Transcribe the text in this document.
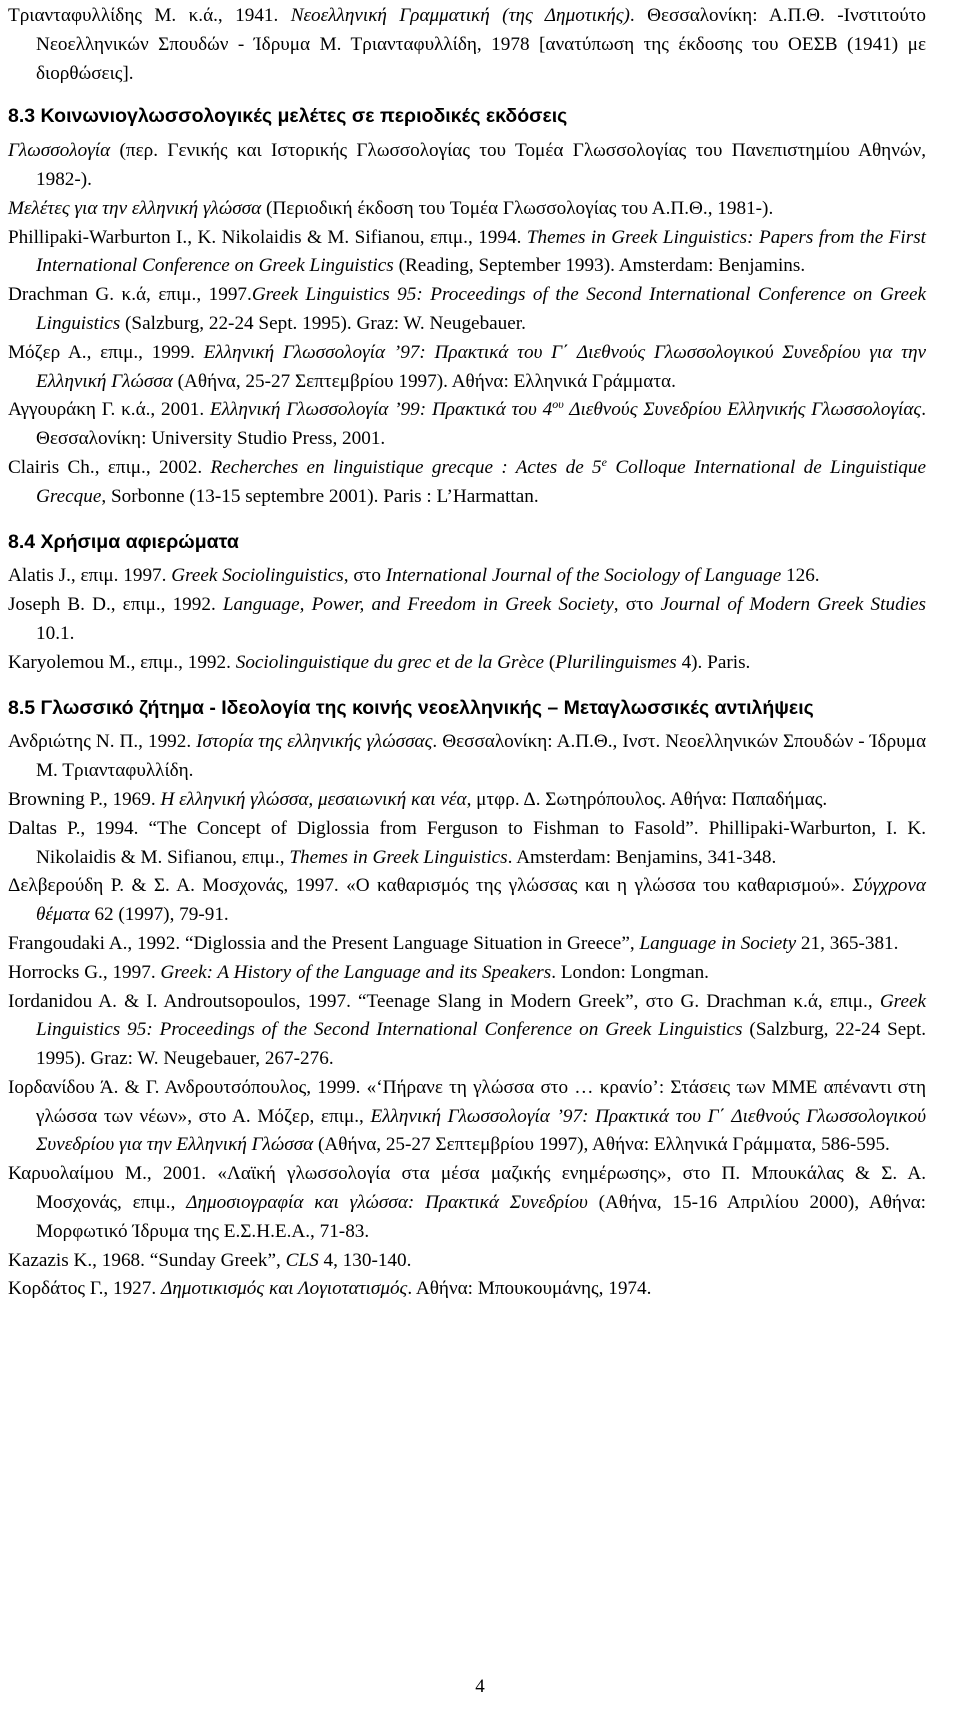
Τριανταφυλλίδης Μ. κ.ά., 1941. Νεοελληνική Γραμματική (της Δημοτικής). Θεσσαλονίκη: Α.Π.Θ. -Ινστιτούτο Νεοελληνικών Σπουδών - Ίδρυμα Μ. Τριανταφυλλίδη, 1978 [ανατύπωση της έκδοσης του ΟΕΣΒ (1941) με διορθώσεις].

8.3 Κοινωνιογλωσσολογικές μελέτες σε περιοδικές εκδόσεις

Γλωσσολογία (περ. Γενικής και Ιστορικής Γλωσσολογίας του Τομέα Γλωσσολογίας του Πανεπιστημίου Αθηνών, 1982-).

Μελέτες για την ελληνική γλώσσα (Περιοδική έκδοση του Τομέα Γλωσσολογίας του Α.Π.Θ., 1981-).

Phillipaki-Warburton I., K. Nikolaidis & M. Sifianou, επιμ., 1994. Themes in Greek Linguistics: Papers from the First International Conference on Greek Linguistics (Reading, September 1993). Amsterdam: Benjamins.

Drachman G. κ.ά, επιμ., 1997.Greek Linguistics 95: Proceedings of the Second International Conference on Greek Linguistics (Salzburg, 22-24 Sept. 1995). Graz: W. Neugebauer.

Μόζερ Α., επιμ., 1999. Ελληνική Γλωσσολογία ’97: Πρακτικά του Γ΄ Διεθνούς Γλωσσολογικού Συνεδρίου για την Ελληνική Γλώσσα (Αθήνα, 25-27 Σεπτεμβρίου 1997). Αθήνα: Ελληνικά Γράμματα.

Αγγουράκη Γ. κ.ά., 2001. Ελληνική Γλωσσολογία ’99: Πρακτικά του $4^{o\upsilon}$ Διεθνούς Συνεδρίου Ελληνικής Γλωσσολογίας. Θεσσαλονίκη: University Studio Press, 2001.

Clairis Ch., επιμ., 2002. Recherches en linguistique grecque : Actes de 5e Colloque International de Linguistique Grecque, Sorbonne (13-15 septembre 2001). Paris : L’Harmattan.

8.4 Χρήσιμα αφιερώματα

Alatis J., επιμ. 1997. Greek Sociolinguistics, στο International Journal of the Sociology of Language 126.

Joseph B. D., επιμ., 1992. Language, Power, and Freedom in Greek Society, στο Journal of Modern Greek Studies 10.1.

Karyolemou M., επιμ., 1992. Sociolinguistique du grec et de la Grèce (Plurilinguismes 4). Paris.

8.5 Γλωσσικό ζήτημα - Ιδεολογία της κοινής νεοελληνικής – Μεταγλωσσικές αντιλήψεις

Ανδριώτης Ν. Π., 1992. Ιστορία της ελληνικής γλώσσας. Θεσσαλονίκη: Α.Π.Θ., Ινστ. Νεοελληνικών Σπουδών - Ίδρυμα Μ. Τριανταφυλλίδη.

Browning P., 1969. Η ελληνική γλώσσα, μεσαιωνική και νέα, μτφρ. Δ. Σωτηρόπουλος. Αθήνα: Παπαδήμας.

Daltas P., 1994. “The Concept of Diglossia from Ferguson to Fishman to Fasold”. Phillipaki-Warburton, I. K. Nikolaidis & M. Sifianou, επιμ., Themes in Greek Linguistics. Amsterdam: Benjamins, 341-348.

Δελβερούδη Ρ. & Σ. Α. Μοσχονάς, 1997. «Ο καθαρισμός της γλώσσας και η γλώσσα του καθαρισμού». Σύγχρονα θέματα 62 (1997), 79-91.

Frangoudaki A., 1992. “Diglossia and the Present Language Situation in Greece”, Language in Society 21, 365-381.

Horrocks G., 1997. Greek: A History of the Language and its Speakers. London: Longman.

Iordanidou A. & I. Androutsopoulos, 1997. “Teenage Slang in Modern Greek”, στο G. Drachman κ.ά, επιμ., Greek Linguistics 95: Proceedings of the Second International Conference on Greek Linguistics (Salzburg, 22-24 Sept. 1995). Graz: W. Neugebauer, 267-276.

Ιορδανίδου Ά. & Γ. Ανδρουτσόπουλος, 1999. «‘Πήρανε τη γλώσσα στο … κρανίο’: Στάσεις των ΜΜΕ απέναντι στη γλώσσα των νέων», στο Α. Μόζερ, επιμ., Ελληνική Γλωσσολογία ’97: Πρακτικά του Γ΄ Διεθνούς Γλωσσολογικού Συνεδρίου για την Ελληνική Γλώσσα (Αθήνα, 25-27 Σεπτεμβρίου 1997), Αθήνα: Ελληνικά Γράμματα, 586-595.

Καρυολαίμου Μ., 2001. «Λαϊκή γλωσσολογία στα μέσα μαζικής ενημέρωσης», στο Π. Μπουκάλας & Σ. Α. Μοσχονάς, επιμ., Δημοσιογραφία και γλώσσα: Πρακτικά Συνεδρίου (Αθήνα, 15-16 Απριλίου 2000), Αθήνα: Μορφωτικό Ίδρυμα της Ε.Σ.Η.Ε.Α., 71-83.

Kazazis K., 1968. “Sunday Greek”, CLS 4, 130-140.

Κορδάτος Γ., 1927. Δημοτικισμός και Λογιοτατισμός. Αθήνα: Μπουκουμάνης, 1974.

4
